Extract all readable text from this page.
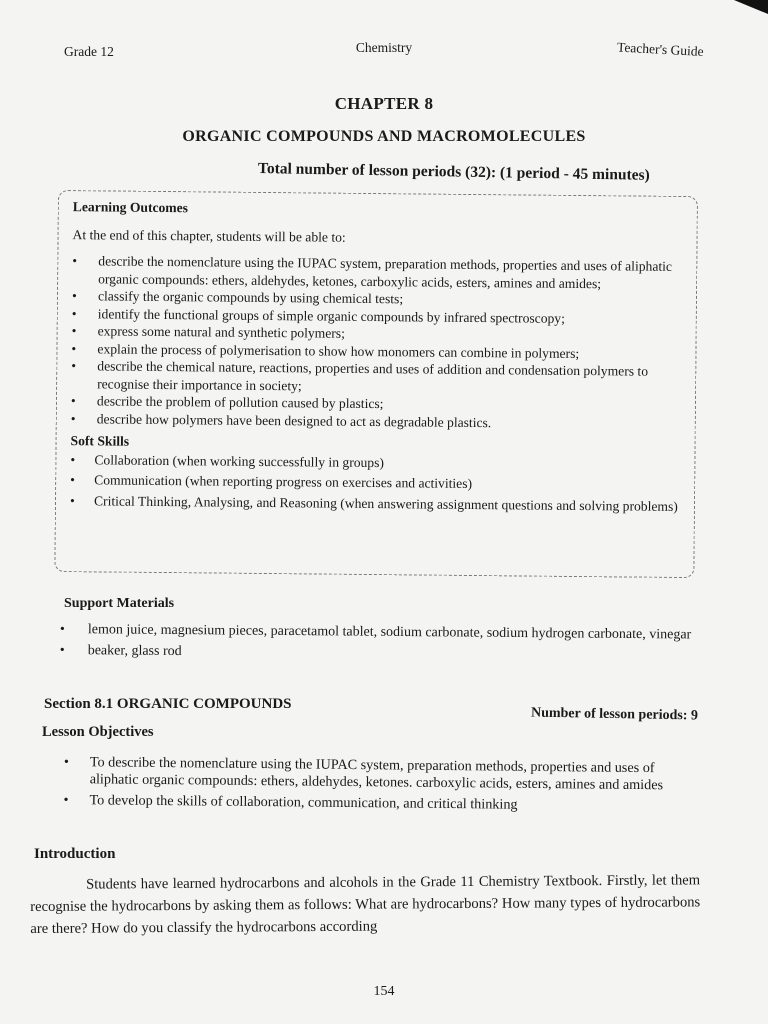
Grade 12	Chemistry	Teacher's Guide
CHAPTER 8
ORGANIC COMPOUNDS AND MACROMOLECULES
Total number of lesson periods (32): (1 period - 45 minutes)
Learning Outcomes
At the end of this chapter, students will be able to:
• describe the nomenclature using the IUPAC system, preparation methods, properties and uses of aliphatic organic compounds: ethers, aldehydes, ketones, carboxylic acids, esters, amines and amides;
• classify the organic compounds by using chemical tests;
• identify the functional groups of simple organic compounds by infrared spectroscopy;
• express some natural and synthetic polymers;
• explain the process of polymerisation to show how monomers can combine in polymers;
• describe the chemical nature, reactions, properties and uses of addition and condensation polymers to recognise their importance in society;
• describe the problem of pollution caused by plastics;
• describe how polymers have been designed to act as degradable plastics.
Soft Skills
• Collaboration (when working successfully in groups)
• Communication (when reporting progress on exercises and activities)
• Critical Thinking, Analysing, and Reasoning (when answering assignment questions and solving problems)
Support Materials
• lemon juice, magnesium pieces, paracetamol tablet, sodium carbonate, sodium hydrogen carbonate, vinegar
• beaker, glass rod
Section 8.1 ORGANIC COMPOUNDS
Number of lesson periods: 9
Lesson Objectives
• To describe the nomenclature using the IUPAC system, preparation methods, properties and uses of aliphatic organic compounds: ethers, aldehydes, ketones. carboxylic acids, esters, amines and amides
• To develop the skills of collaboration, communication, and critical thinking
Introduction
Students have learned hydrocarbons and alcohols in the Grade 11 Chemistry Textbook. Firstly, let them recognise the hydrocarbons by asking them as follows: What are hydrocarbons? How many types of hydrocarbons are there? How do you classify the hydrocarbons according
154
